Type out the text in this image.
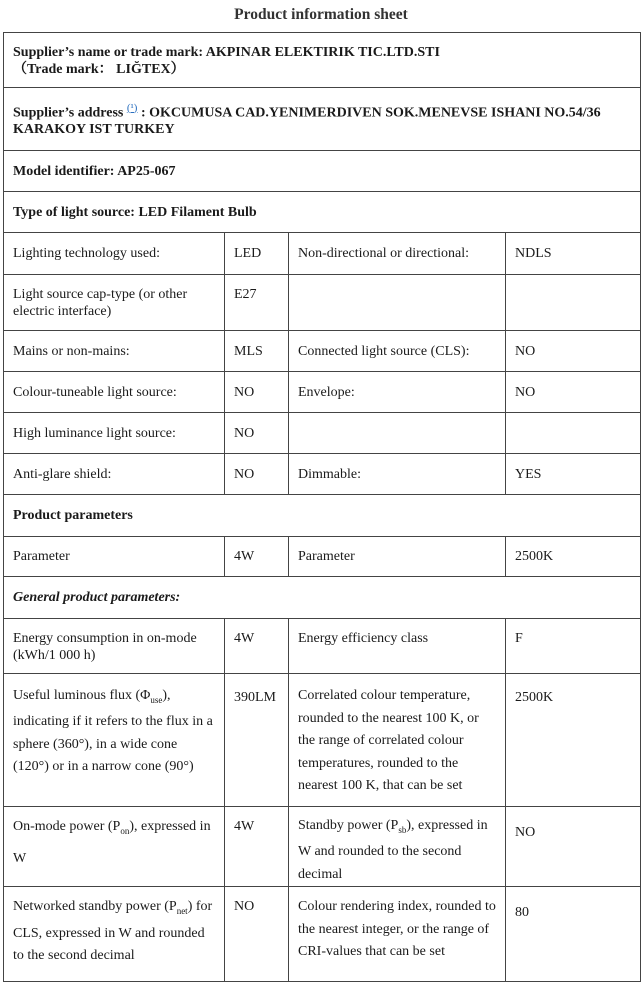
Product information sheet
Supplier’s name or trade mark: AKPINAR ELEKTIRIK TIC.LTD.STI
（Trade mark： LIĞTEX）			
Supplier’s address $^{(^1)}$ : OKCUMUSA CAD.YENIMERDIVEN SOK.MENEVSE ISHANI NO.54/36 KARAKOY IST TURKEY			
Model identifier: AP25-067			
Type of light source: LED Filament Bulb			
Lighting technology used:	LED	Non-directional or directional:	NDLS
Light source cap-type (or other electric interface)	E27		
Mains or non-mains:	MLS	Connected light source (CLS):	NO
Colour-tuneable light source:	NO	Envelope:	NO
High luminance light source:	NO		
Anti-glare shield:	NO	Dimmable:	YES
Product parameters			
Parameter	4W	Parameter	2500K
General product parameters:			
Energy consumption in on-mode (kWh/1 000 h)	4W	Energy efficiency class	F
Useful luminous flux $(\Phi_{use})$, indicating if it refers to the flux in a sphere (360°), in a wide cone (120°) or in a narrow cone (90°)	390LM	Correlated colour temperature, rounded to the nearest 100 K, or the range of correlated colour temperatures, rounded to the nearest 100 K, that can be set	2500K
On-mode power $(P_{on})$, expressed in W	4W	Standby power $(P_{sb})$, expressed in W and rounded to the second decimal	NO
Networked standby power $(P_{net})$ for CLS, expressed in W and rounded to the second decimal	NO	Colour rendering index, rounded to the nearest integer, or the range of CRI-values that can be set	80
